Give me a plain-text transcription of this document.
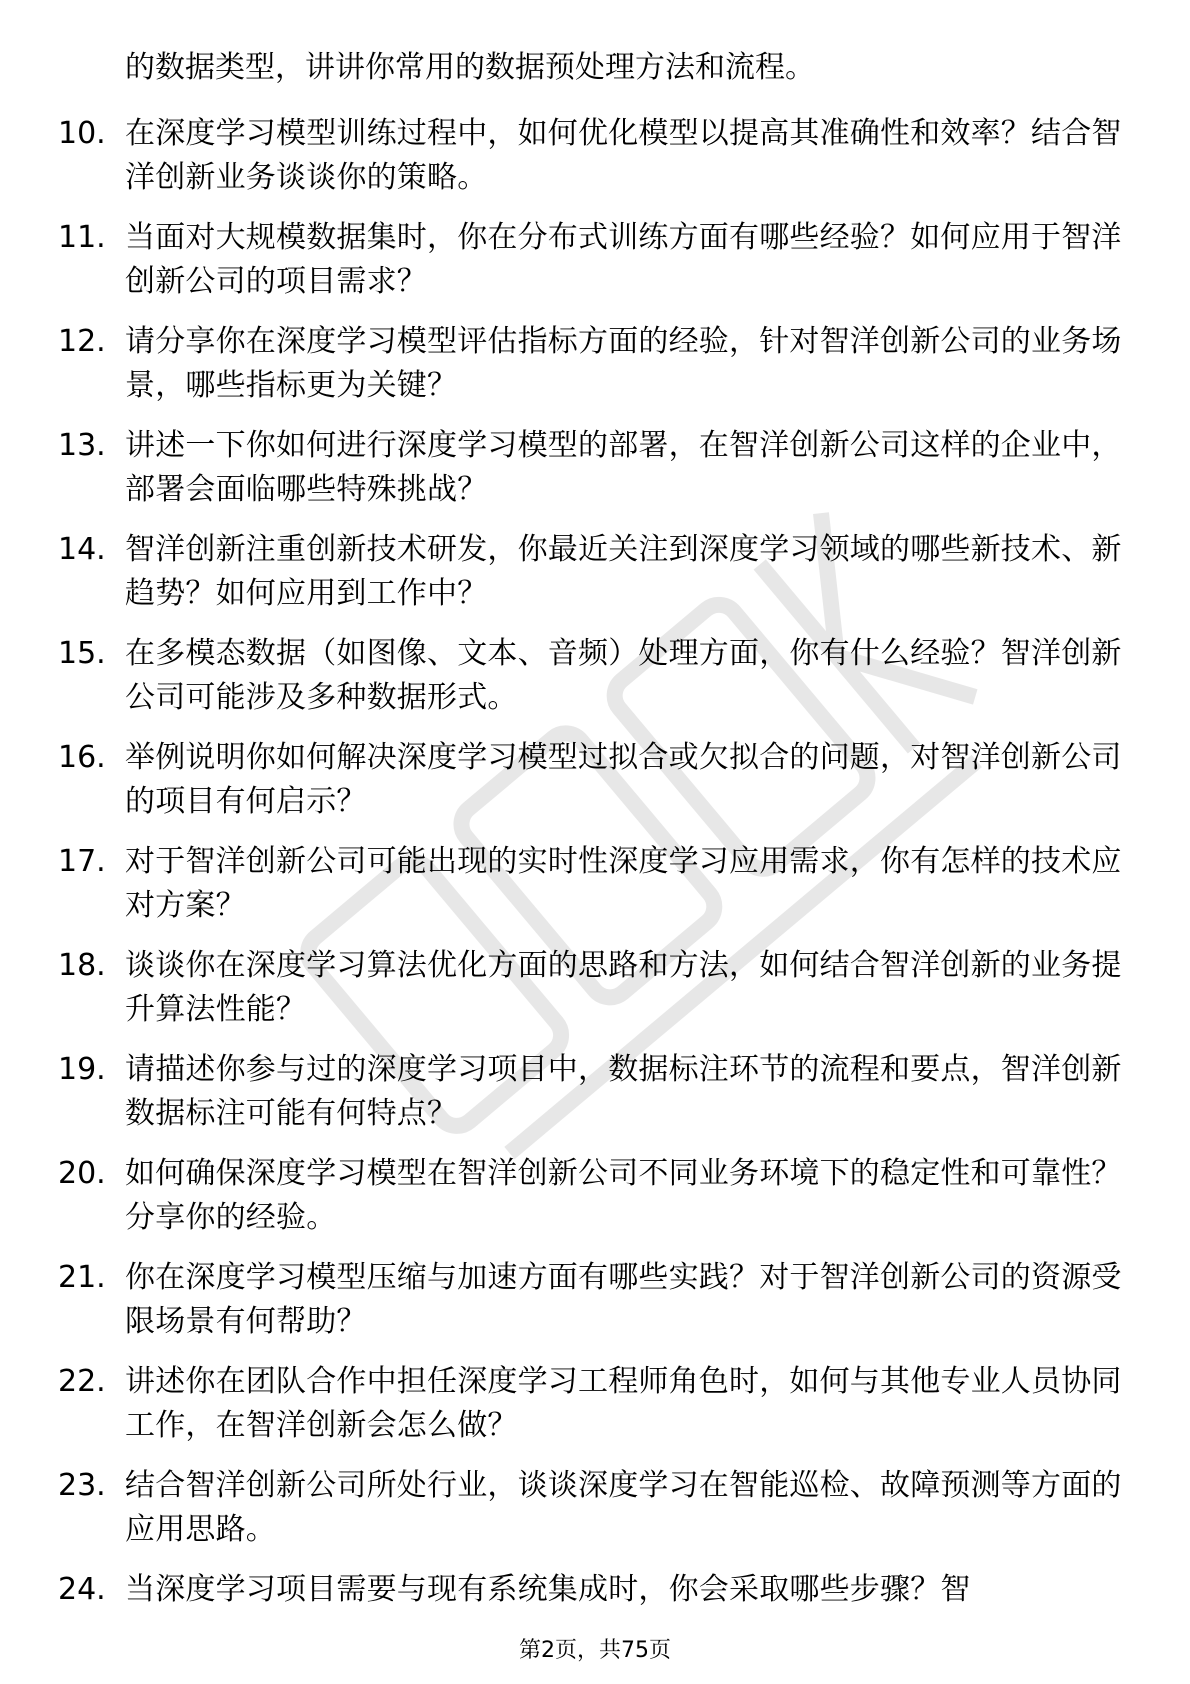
的数据类型，讲讲你常用的数据预处理方法和流程。
10. 在深度学习模型训练过程中，如何优化模型以提高其准确性和效率？结合智洋创新业务谈谈你的策略。
11. 当面对大规模数据集时，你在分布式训练方面有哪些经验？如何应用于智洋创新公司的项目需求？
12. 请分享你在深度学习模型评估指标方面的经验，针对智洋创新公司的业务场景，哪些指标更为关键？
13. 讲述一下你如何进行深度学习模型的部署，在智洋创新公司这样的企业中，部署会面临哪些特殊挑战？
14. 智洋创新注重创新技术研发，你最近关注到深度学习领域的哪些新技术、新趋势？如何应用到工作中？
15. 在多模态数据（如图像、文本、音频）处理方面，你有什么经验？智洋创新公司可能涉及多种数据形式。
16. 举例说明你如何解决深度学习模型过拟合或欠拟合的问题，对智洋创新公司的项目有何启示？
17. 对于智洋创新公司可能出现的实时性深度学习应用需求，你有怎样的技术应对方案？
18. 谈谈你在深度学习算法优化方面的思路和方法，如何结合智洋创新的业务提升算法性能？
19. 请描述你参与过的深度学习项目中，数据标注环节的流程和要点，智洋创新数据标注可能有何特点？
20. 如何确保深度学习模型在智洋创新公司不同业务环境下的稳定性和可靠性？分享你的经验。
21. 你在深度学习模型压缩与加速方面有哪些实践？对于智洋创新公司的资源受限场景有何帮助？
22. 讲述你在团队合作中担任深度学习工程师角色时，如何与其他专业人员协同工作，在智洋创新会怎么做？
23. 结合智洋创新公司所处行业，谈谈深度学习在智能巡检、故障预测等方面的应用思路。
24. 当深度学习项目需要与现有系统集成时，你会采取哪些步骤？智
第2页，共75页
